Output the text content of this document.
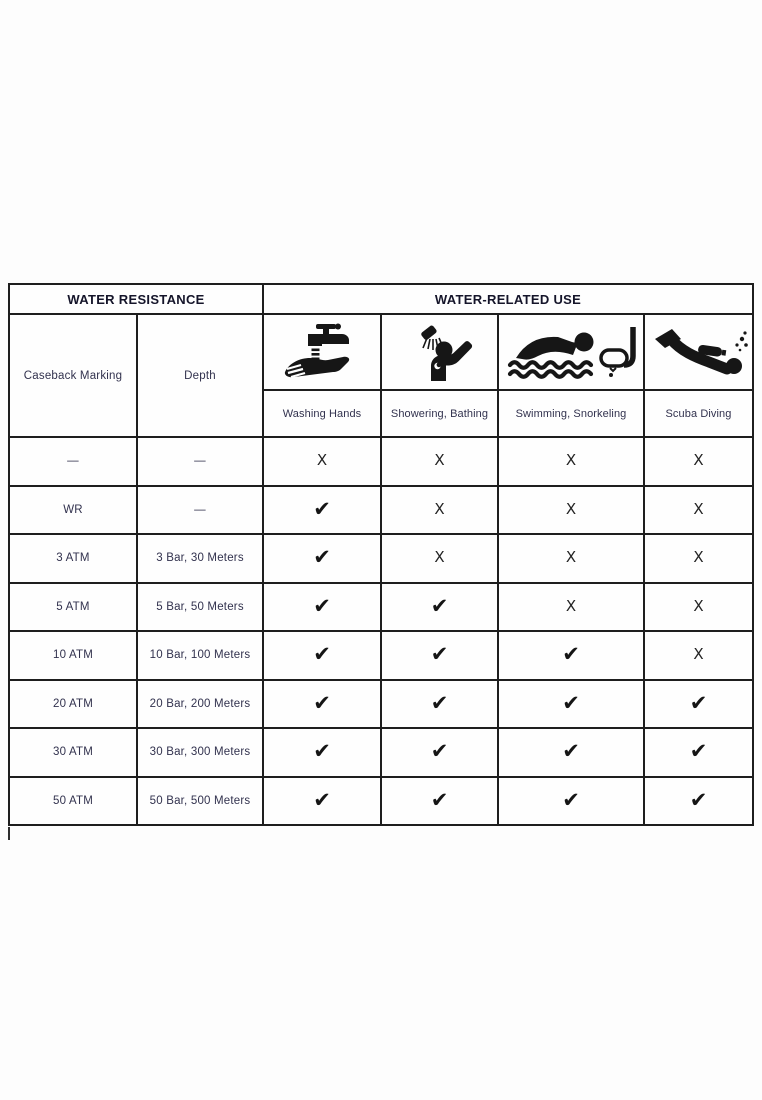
WATER RESISTANCE		WATER-RELATED USE			
Caseback Marking	Depth	

		Washing Hands	Showering, Bathing	Swimming, Snorkeling	Scuba Diving
—	—	X	X	X	X
WR	—	✔	X	X	X
3 ATM	3 Bar, 30 Meters	✔	X	X	X
5 ATM	5 Bar, 50 Meters	✔	✔	X	X
10 ATM	10 Bar, 100 Meters	✔	✔	✔	X
20 ATM	20 Bar, 200 Meters	✔	✔	✔	✔
30 ATM	30 Bar, 300 Meters	✔	✔	✔	✔
50 ATM	50 Bar, 500 Meters	✔	✔	✔	✔
